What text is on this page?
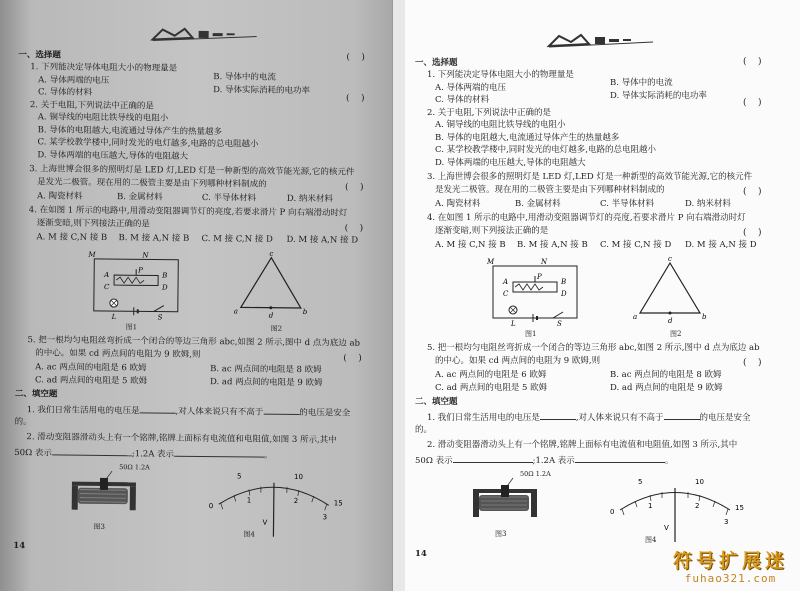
一、选择题	(    )
1. 下列能决定导体电阻大小的物理量是
A. 导体两端的电压	B. 导体中的电流
C. 导体的材料	D. 导体实际消耗的电功率
(    )
2. 关于电阻,下列说法中正确的是
A. 铜导线的电阻比铁导线的电阻小
B. 导体的电阻越大,电流通过导体产生的热量越多
C. 某学校教学楼中,同时发光的电灯越多,电路的总电阻越小
D. 导体两端的电压越大,导体的电阻越大
3. 上海世博会很多的照明灯是 LED 灯,LED 灯是一种新型的高效节能光源,它的核元件
是发光二极管。现在用的二极管主要是由下列哪种材料制成的	(    )
A. 陶瓷材料	B. 金属材料	C. 半导体材料	D. 纳米材料
4. 在如图 1 所示的电路中,用滑动变阻器调节灯的亮度,若要求滑片 P 向右端滑动时灯
逐渐变暗,则下列接法正确的是	(    )
A. M 接 C,N 接 B B. M 接 A,N 接 B C. M 接 C,N 接 D D. M 接 A,N 接 D
M	N
A	B
C	D
P
L	S
图1
c
a
d	b
图2
5. 把一根均匀电阻丝弯折成一个闭合的等边三角形 abc,如图 2 所示,图中 d 点为底边 ab
的中心。如果 cd 两点间的电阻为 9 欧姆,则	(    )
A. ac 两点间的电阻是 6 欧姆	B. ac 两点间的电阻是 8 欧姆
C. ad 两点间的电阻是 5 欧姆	D. ad 两点间的电阻是 9 欧姆
二、填空题
1. 我们日常生活用电的电压是	,对人体来说只有不高于	的电压是安全
的。
2. 滑动变阻器滑动头上有一个铭牌,铭牌上面标有电流值和电阻值,如图 3 所示,其中
50Ω 表示	;1.2A 表示	。
50Ω 1.2A
图3
5	10
15
0
1	2
3
V
图4
14
一、选择题	(    )
1. 下列能决定导体电阻大小的物理量是
A. 导体两端的电压	B. 导体中的电流
C. 导体的材料	D. 导体实际消耗的电功率
(    )
2. 关于电阻,下列说法中正确的是
A. 铜导线的电阻比铁导线的电阻小
B. 导体的电阻越大,电流通过导体产生的热量越多
C. 某学校教学楼中,同时发光的电灯越多,电路的总电阻越小
D. 导体两端的电压越大,导体的电阻越大
3. 上海世博会很多的照明灯是 LED 灯,LED 灯是一种新型的高效节能光源,它的核元件
是发光二极管。现在用的二极管主要是由下列哪种材料制成的	(    )
A. 陶瓷材料	B. 金属材料	C. 半导体材料	D. 纳米材料
4. 在如图 1 所示的电路中,用滑动变阻器调节灯的亮度,若要求滑片 P 向右端滑动时灯
逐渐变暗,则下列接法正确的是	(    )
A. M 接 C,N 接 B B. M 接 A,N 接 B C. M 接 C,N 接 D D. M 接 A,N 接 D
M	N
A	B
C	D
P
L	S
图1
c
a	d	b
图2
5. 把一根均匀电阻丝弯折成一个闭合的等边三角形 abc,如图 2 所示,图中 d 点为底边 ab
的中心。如果 cd 两点间的电阻为 9 欧姆,则	(    )
A. ac 两点间的电阻是 6 欧姆	B. ac 两点间的电阻是 8 欧姆
C. ad 两点间的电阻是 5 欧姆	D. ad 两点间的电阻是 9 欧姆
二、填空题
1. 我们日常生活用电的电压是	,对人体来说只有不高于	的电压是安全
的。
2. 滑动变阻器滑动头上有一个铭牌,铭牌上面标有电流值和电阻值,如图 3 所示,其中
50Ω 表示	;1.2A 表示	。
50Ω 1.2A
图3
5	10
15
0
1	2
3
V
图4
14	符号扩展迷
fuhao321.com
